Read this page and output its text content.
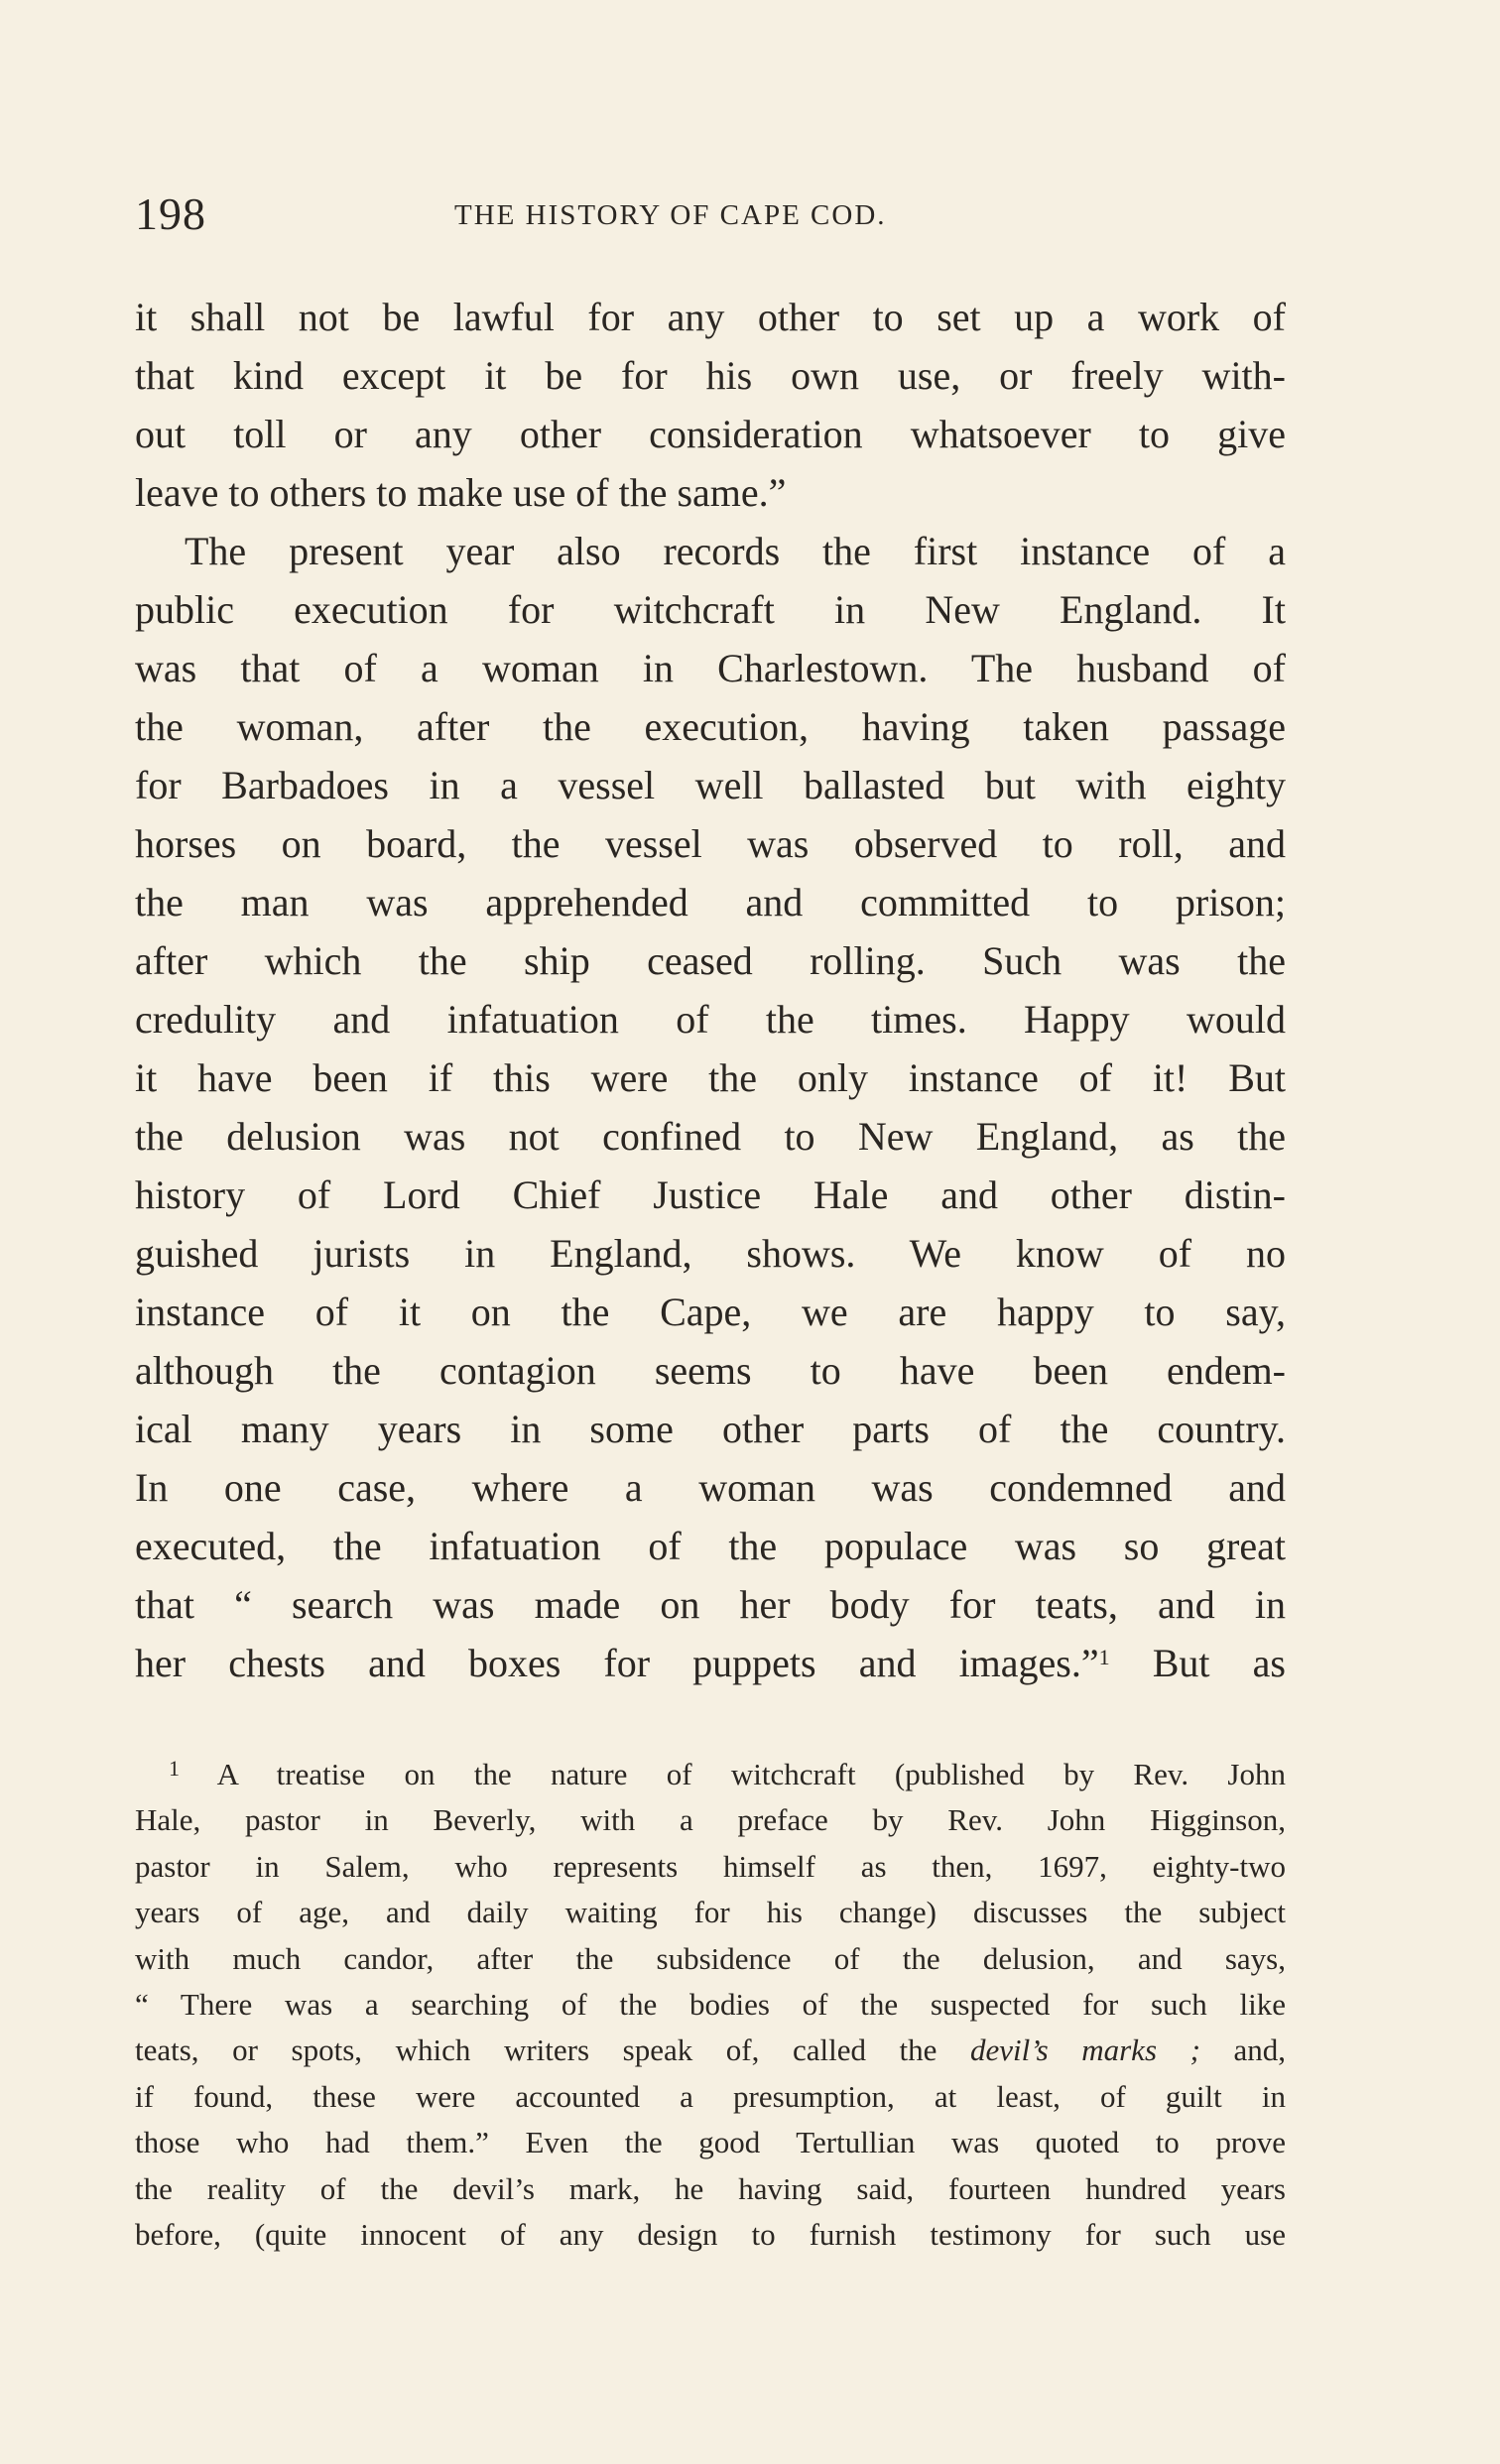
198	THE HISTORY OF CAPE COD.
it shall not be lawful for any other to set up a work of
that kind except it be for his own use, or freely with-
out toll or any other consideration whatsoever to give
leave to others to make use of the same.”
The present year also records the first instance of a
public execution for witchcraft in New England. It
was that of a woman in Charlestown. The husband of
the woman, after the execution, having taken passage
for Barbadoes in a vessel well ballasted but with eighty
horses on board, the vessel was observed to roll, and
the man was apprehended and committed to prison;
after which the ship ceased rolling. Such was the
credulity and infatuation of the times. Happy would
it have been if this were the only instance of it! But
the delusion was not confined to New England, as the
history of Lord Chief Justice Hale and other distin-
guished jurists in England, shows. We know of no
instance of it on the Cape, we are happy to say,
although the contagion seems to have been endem-
ical many years in some other parts of the country.
In one case, where a woman was condemned and
executed, the infatuation of the populace was so great
that “ search was made on her body for teats, and in
her chests and boxes for puppets and images.”$^1$ But as
$^1$ A treatise on the nature of witchcraft (published by Rev. John
Hale, pastor in Beverly, with a preface by Rev. John Higginson,
pastor in Salem, who represents himself as then, 1697, eighty-two
years of age, and daily waiting for his change) discusses the subject
with much candor, after the subsidence of the delusion, and says,
“ There was a searching of the bodies of the suspected for such like
teats, or spots, which writers speak of, called the devil’s marks ; and,
if found, these were accounted a presumption, at least, of guilt in
those who had them.” Even the good Tertullian was quoted to prove
the reality of the devil’s mark, he having said, fourteen hundred years
before, (quite innocent of any design to furnish testimony for such use
